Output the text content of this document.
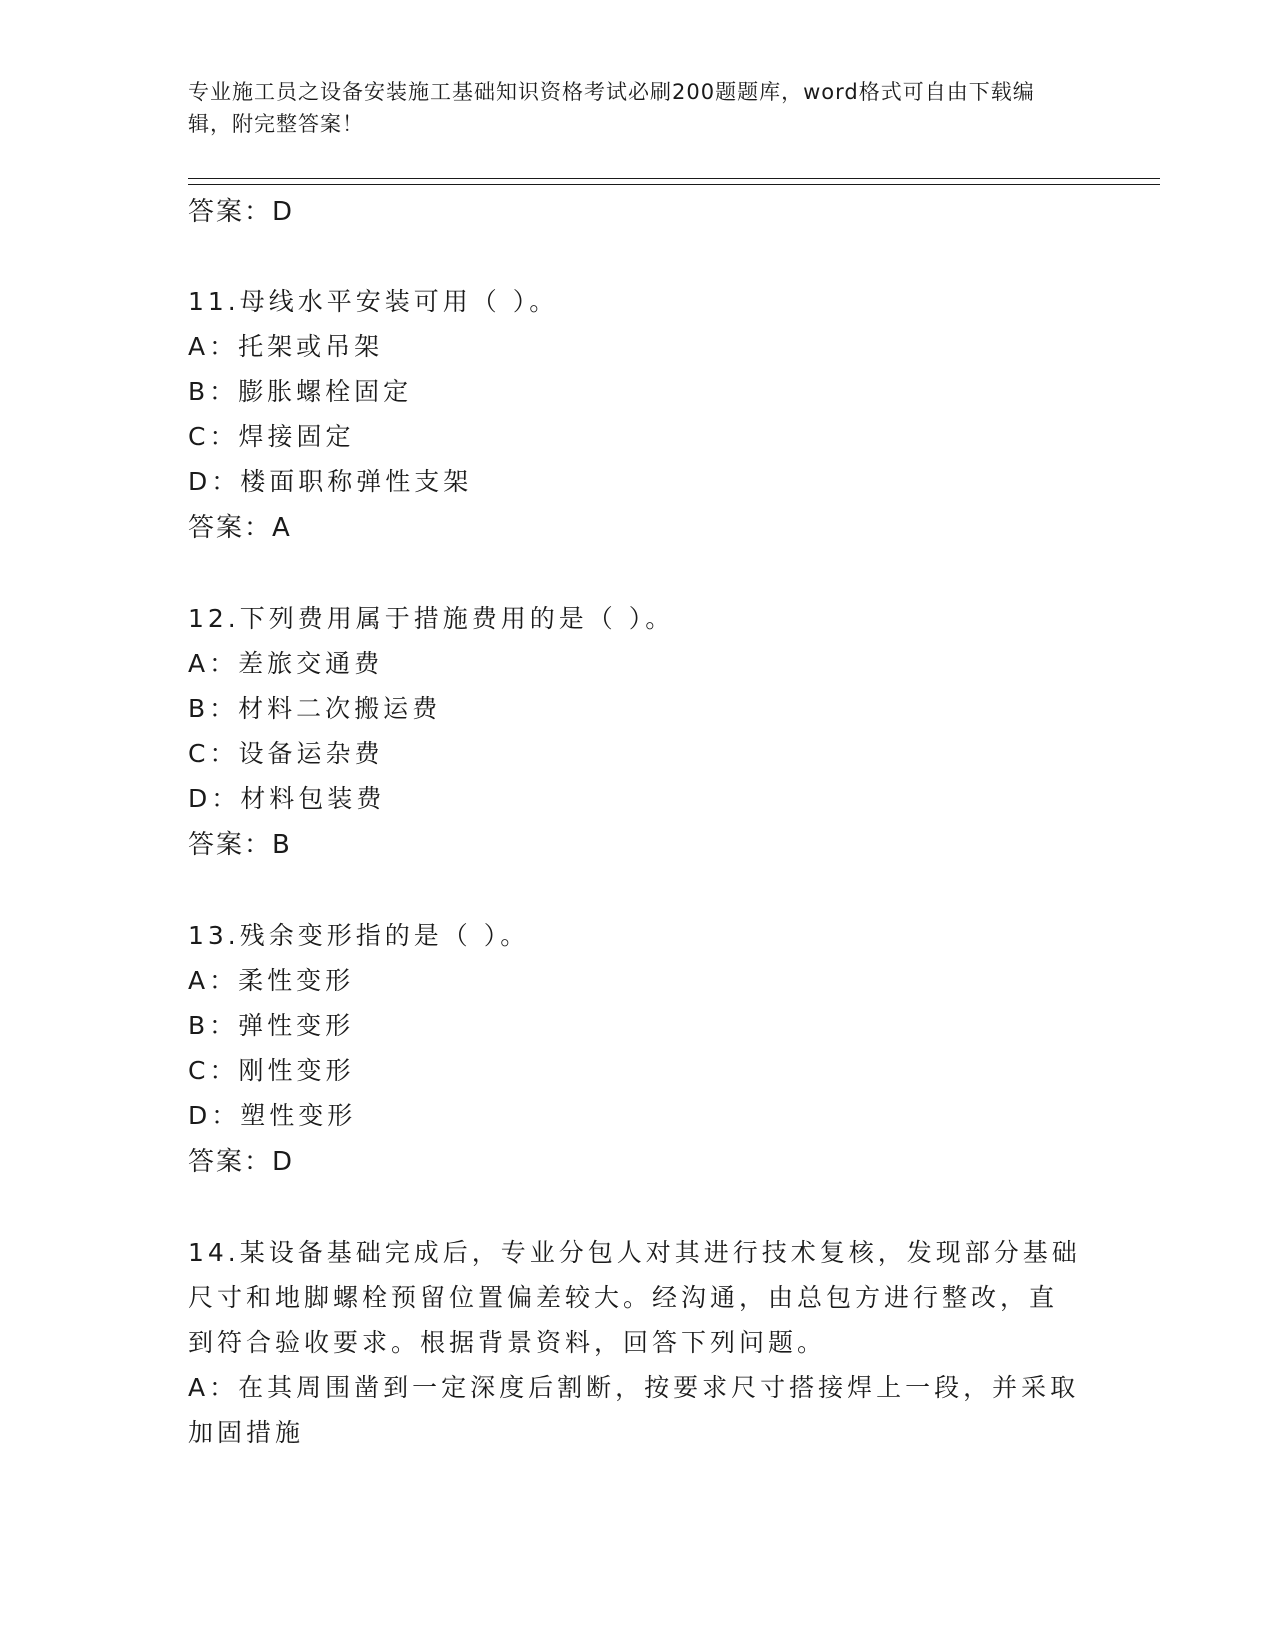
专业施工员之设备安装施工基础知识资格考试必刷200题题库，word格式可自由下载编辑，附完整答案！

答案：D

11.母线水平安装可用（ ）。

A：托架或吊架

B：膨胀螺栓固定

C：焊接固定

D：楼面职称弹性支架

答案：A

12.下列费用属于措施费用的是（ ）。

A：差旅交通费

B：材料二次搬运费

C：设备运杂费

D：材料包装费

答案：B

13.残余变形指的是（ ）。

A：柔性变形

B：弹性变形

C：刚性变形

D：塑性变形

答案：D

14.某设备基础完成后，专业分包人对其进行技术复核，发现部分基础

尺寸和地脚螺栓预留位置偏差较大。经沟通，由总包方进行整改，直

到符合验收要求。根据背景资料，回答下列问题。

A：在其周围凿到一定深度后割断，按要求尺寸搭接焊上一段，并采取

加固措施
